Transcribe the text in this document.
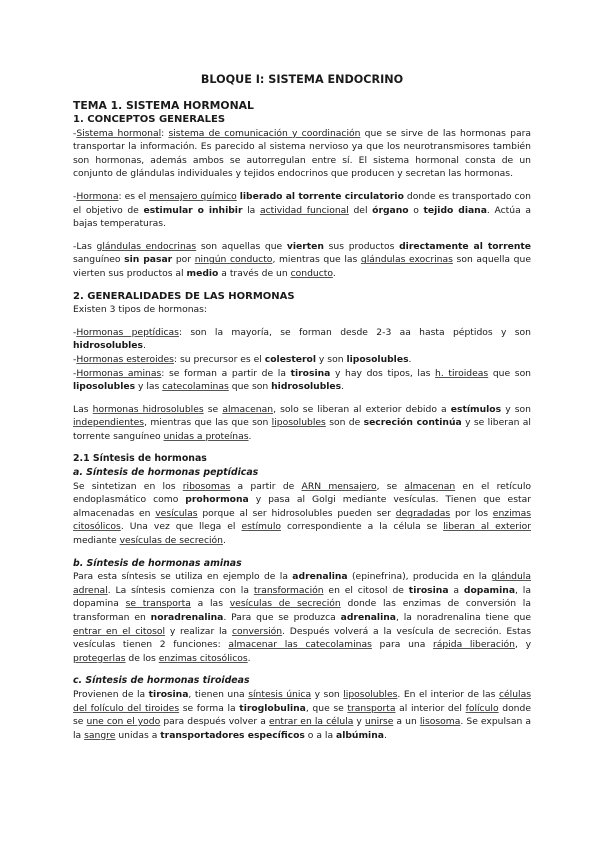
BLOQUE I: SISTEMA ENDOCRINO
TEMA 1. SISTEMA HORMONAL
1. CONCEPTOS GENERALES

-Sistema hormonal: sistema de comunicación y coordinación que se sirve de las hormonas para transportar la información. Es parecido al sistema nervioso ya que los neurotransmisores también son hormonas, además ambos se autorregulan entre sí. El sistema hormonal consta de un conjunto de glándulas individuales y tejidos endocrinos que producen y secretan las hormonas.

-Hormona: es el mensajero químico liberado al torrente circulatorio donde es transportado con el objetivo de estimular o inhibir la actividad funcional del órgano o tejido diana. Actúa a bajas temperaturas.

-Las glándulas endocrinas son aquellas que vierten sus productos directamente al torrente sanguíneo sin pasar por ningún conducto, mientras que las glándulas exocrinas son aquella que vierten sus productos al medio a través de un conducto.

2. GENERALIDADES DE LAS HORMONAS

Existen 3 tipos de hormonas:

-Hormonas peptídicas: son la mayoría, se forman desde 2-3 aa hasta péptidos y son hidrosolubles.

-Hormonas esteroides: su precursor es el colesterol y son liposolubles.

-Hormonas aminas: se forman a partir de la tirosina y hay dos tipos, las h. tiroideas que son liposolubles y las catecolaminas que son hidrosolubles.

Las hormonas hidrosolubles se almacenan, solo se liberan al exterior debido a estímulos y son independientes, mientras que las que son liposolubles son de secreción continúa y se liberan al torrente sanguíneo unidas a proteínas.

2.1 Síntesis de hormonas
a. Síntesis de hormonas peptídicas

Se sintetizan en los ribosomas a partir de ARN mensajero, se almacenan en el retículo endoplasmático como prohormona y pasa al Golgi mediante vesículas. Tienen que estar almacenadas en vesículas porque al ser hidrosolubles pueden ser degradadas por los enzimas citosólicos. Una vez que llega el estímulo correspondiente a la célula se liberan al exterior mediante vesículas de secreción.

b. Síntesis de hormonas aminas

Para esta síntesis se utiliza en ejemplo de la adrenalina (epinefrina), producida en la glándula adrenal. La síntesis comienza con la transformación en el citosol de tirosina a dopamina, la dopamina se transporta a las vesículas de secreción donde las enzimas de conversión la transforman en noradrenalina. Para que se produzca adrenalina, la noradrenalina tiene que entrar en el citosol y realizar la conversión. Después volverá a la vesícula de secreción. Estas vesículas tienen 2 funciones: almacenar las catecolaminas para una rápida liberación, y protegerlas de los enzimas citosólicos.

c. Síntesis de hormonas tiroideas

Provienen de la tirosina, tienen una síntesis única y son liposolubles. En el interior de las células del folículo del tiroides se forma la tiroglobulina, que se transporta al interior del folículo donde se une con el yodo para después volver a entrar en la célula y unirse a un lisosoma. Se expulsan a la sangre unidas a transportadores específicos o a la albúmina.
